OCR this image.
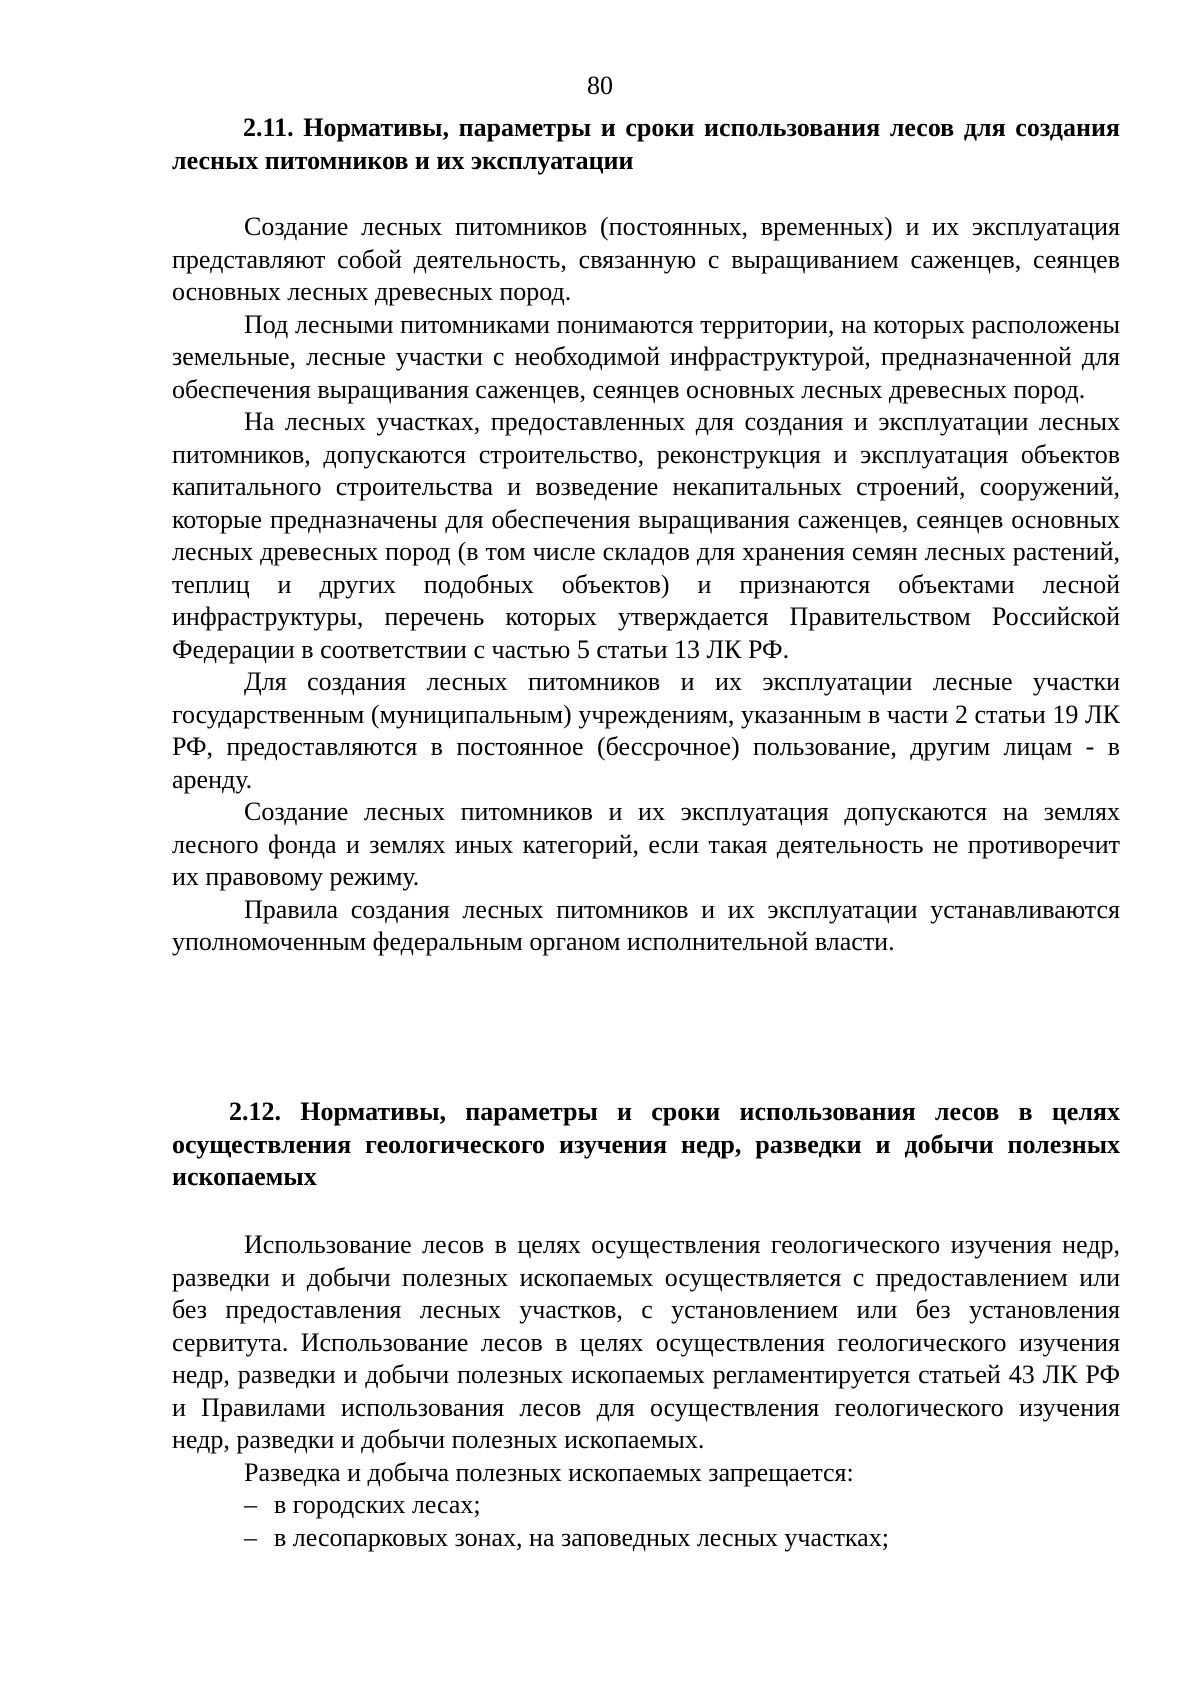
80
2.11. Нормативы, параметры и сроки использования лесов для создания лесных питомников и их эксплуатации

Создание лесных питомников (постоянных, временных) и их эксплуатация представляют собой деятельность, связанную с выращиванием саженцев, сеянцев основных лесных древесных пород.

Под лесными питомниками понимаются территории, на которых расположены земельные, лесные участки с необходимой инфраструктурой, предназначенной для обеспечения выращивания саженцев, сеянцев основных лесных древесных пород.

На лесных участках, предоставленных для создания и эксплуатации лесных питомников, допускаются строительство, реконструкция и эксплуатация объектов капитального строительства и возведение некапитальных строений, сооружений, которые предназначены для обеспечения выращивания саженцев, сеянцев основных лесных древесных пород (в том числе складов для хранения семян лесных растений, теплиц и других подобных объектов) и признаются объектами лесной инфраструктуры, перечень которых утверждается Правительством Российской Федерации в соответствии с частью 5 статьи 13 ЛК РФ.

Для создания лесных питомников и их эксплуатации лесные участки государственным (муниципальным) учреждениям, указанным в части 2 статьи 19 ЛК РФ, предоставляются в постоянное (бессрочное) пользование, другим лицам - в аренду.

Создание лесных питомников и их эксплуатация допускаются на землях лесного фонда и землях иных категорий, если такая деятельность не противоречит их правовому режиму.

Правила создания лесных питомников и их эксплуатации устанавливаются уполномоченным федеральным органом исполнительной власти.

2.12. Нормативы, параметры и сроки использования лесов в целях осуществления геологического изучения недр, разведки и добычи полезных ископаемых

Использование лесов в целях осуществления геологического изучения недр, разведки и добычи полезных ископаемых осуществляется с предоставлением или без предоставления лесных участков, с установлением или без установления сервитута. Использование лесов в целях осуществления геологического изучения недр, разведки и добычи полезных ископаемых регламентируется статьей 43 ЛК РФ и Правилами использования лесов для осуществления геологического изучения недр, разведки и добычи полезных ископаемых.

Разведка и добыча полезных ископаемых запрещается:

– в городских лесах;
– в лесопарковых зонах, на заповедных лесных участках;
